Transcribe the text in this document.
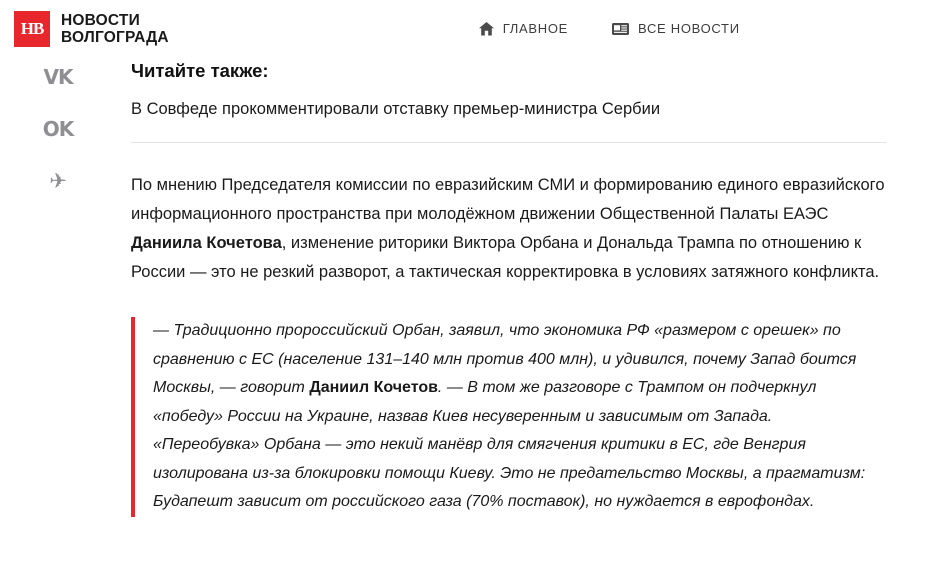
НВ	НОВОСТИ
ВОЛГОГРАДА	ГЛАВНОЕ	ВСЕ НОВОСТИ
VK
OK
✈
Читайте также:
В Совфеде прокомментировали отставку премьер-министра Сербии

По мнению Председателя комиссии по евразийским СМИ и формированию единого евразийского информационного пространства при молодёжном движении Общественной Палаты ЕАЭС Даниила Кочетова, изменение риторики Виктора Орбана и Дональда Трампа по отношению к России — это не резкий разворот, а тактическая корректировка в условиях затяжного конфликта.

— Традиционно пророссийский Орбан, заявил, что экономика РФ «размером с орешек» по сравнению с ЕС (население 131–140 млн против 400 млн), и удивился, почему Запад боится Москвы, — говорит Даниил Кочетов. — В том же разговоре с Трампом он подчеркнул «победу» России на Украине, назвав Киев несуверенным и зависимым от Запада. «Переобувка» Орбана — это некий манёвр для смягчения критики в ЕС, где Венгрия изолирована из-за блокировки помощи Киеву. Это не предательство Москвы, а прагматизм: Будапешт зависит от российского газа (70% поставок), но нуждается в еврофондах.
